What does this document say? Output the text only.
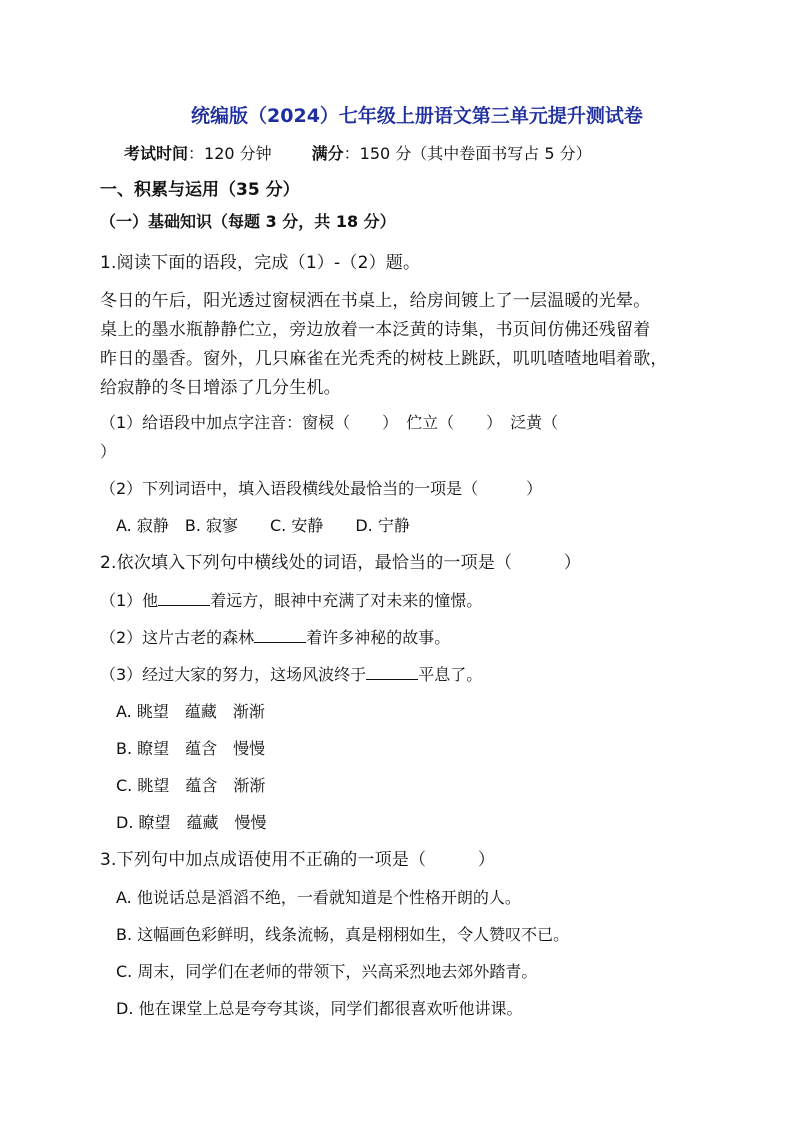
统编版（2024）七年级上册语文第三单元提升测试卷
考试时间：120 分钟	满分：150 分（其中卷面书写占 5 分）
一、积累与运用（35 分）
（一）基础知识（每题 3 分，共 18 分）
1.阅读下面的语段，完成（1）-（2）题。
冬日的午后，阳光透过窗棂洒在书桌上，给房间镀上了一层温暖的光晕。
桌上的墨水瓶静静伫立，旁边放着一本泛黄的诗集，书页间仿佛还残留着
昨日的墨香。窗外，几只麻雀在光秃秃的树枝上跳跃，叽叽喳喳地唱着歌，
给寂静的冬日增添了几分生机。
（1）给语段中加点字注音：窗棂（　　）　伫立（　　）　泛黄（
）
（2）下列词语中，填入语段横线处最恰当的一项是（　　　）
A. 寂静　B. 寂寥　　C. 安静　　D. 宁静
2.依次填入下列句中横线处的词语，最恰当的一项是（　　　）
（1）他	着远方，眼神中充满了对未来的憧憬。
（2）这片古老的森林	着许多神秘的故事。
（3）经过大家的努力，这场风波终于	平息了。
A. 眺望　蕴藏　渐渐
B. 瞭望　蕴含　慢慢
C. 眺望　蕴含　渐渐
D. 瞭望　蕴藏　慢慢
3.下列句中加点成语使用不正确的一项是（　　　）
A. 他说话总是滔滔不绝，一看就知道是个性格开朗的人。
B. 这幅画色彩鲜明，线条流畅，真是栩栩如生，令人赞叹不已。
C. 周末，同学们在老师的带领下，兴高采烈地去郊外踏青。
D. 他在课堂上总是夸夸其谈，同学们都很喜欢听他讲课。
